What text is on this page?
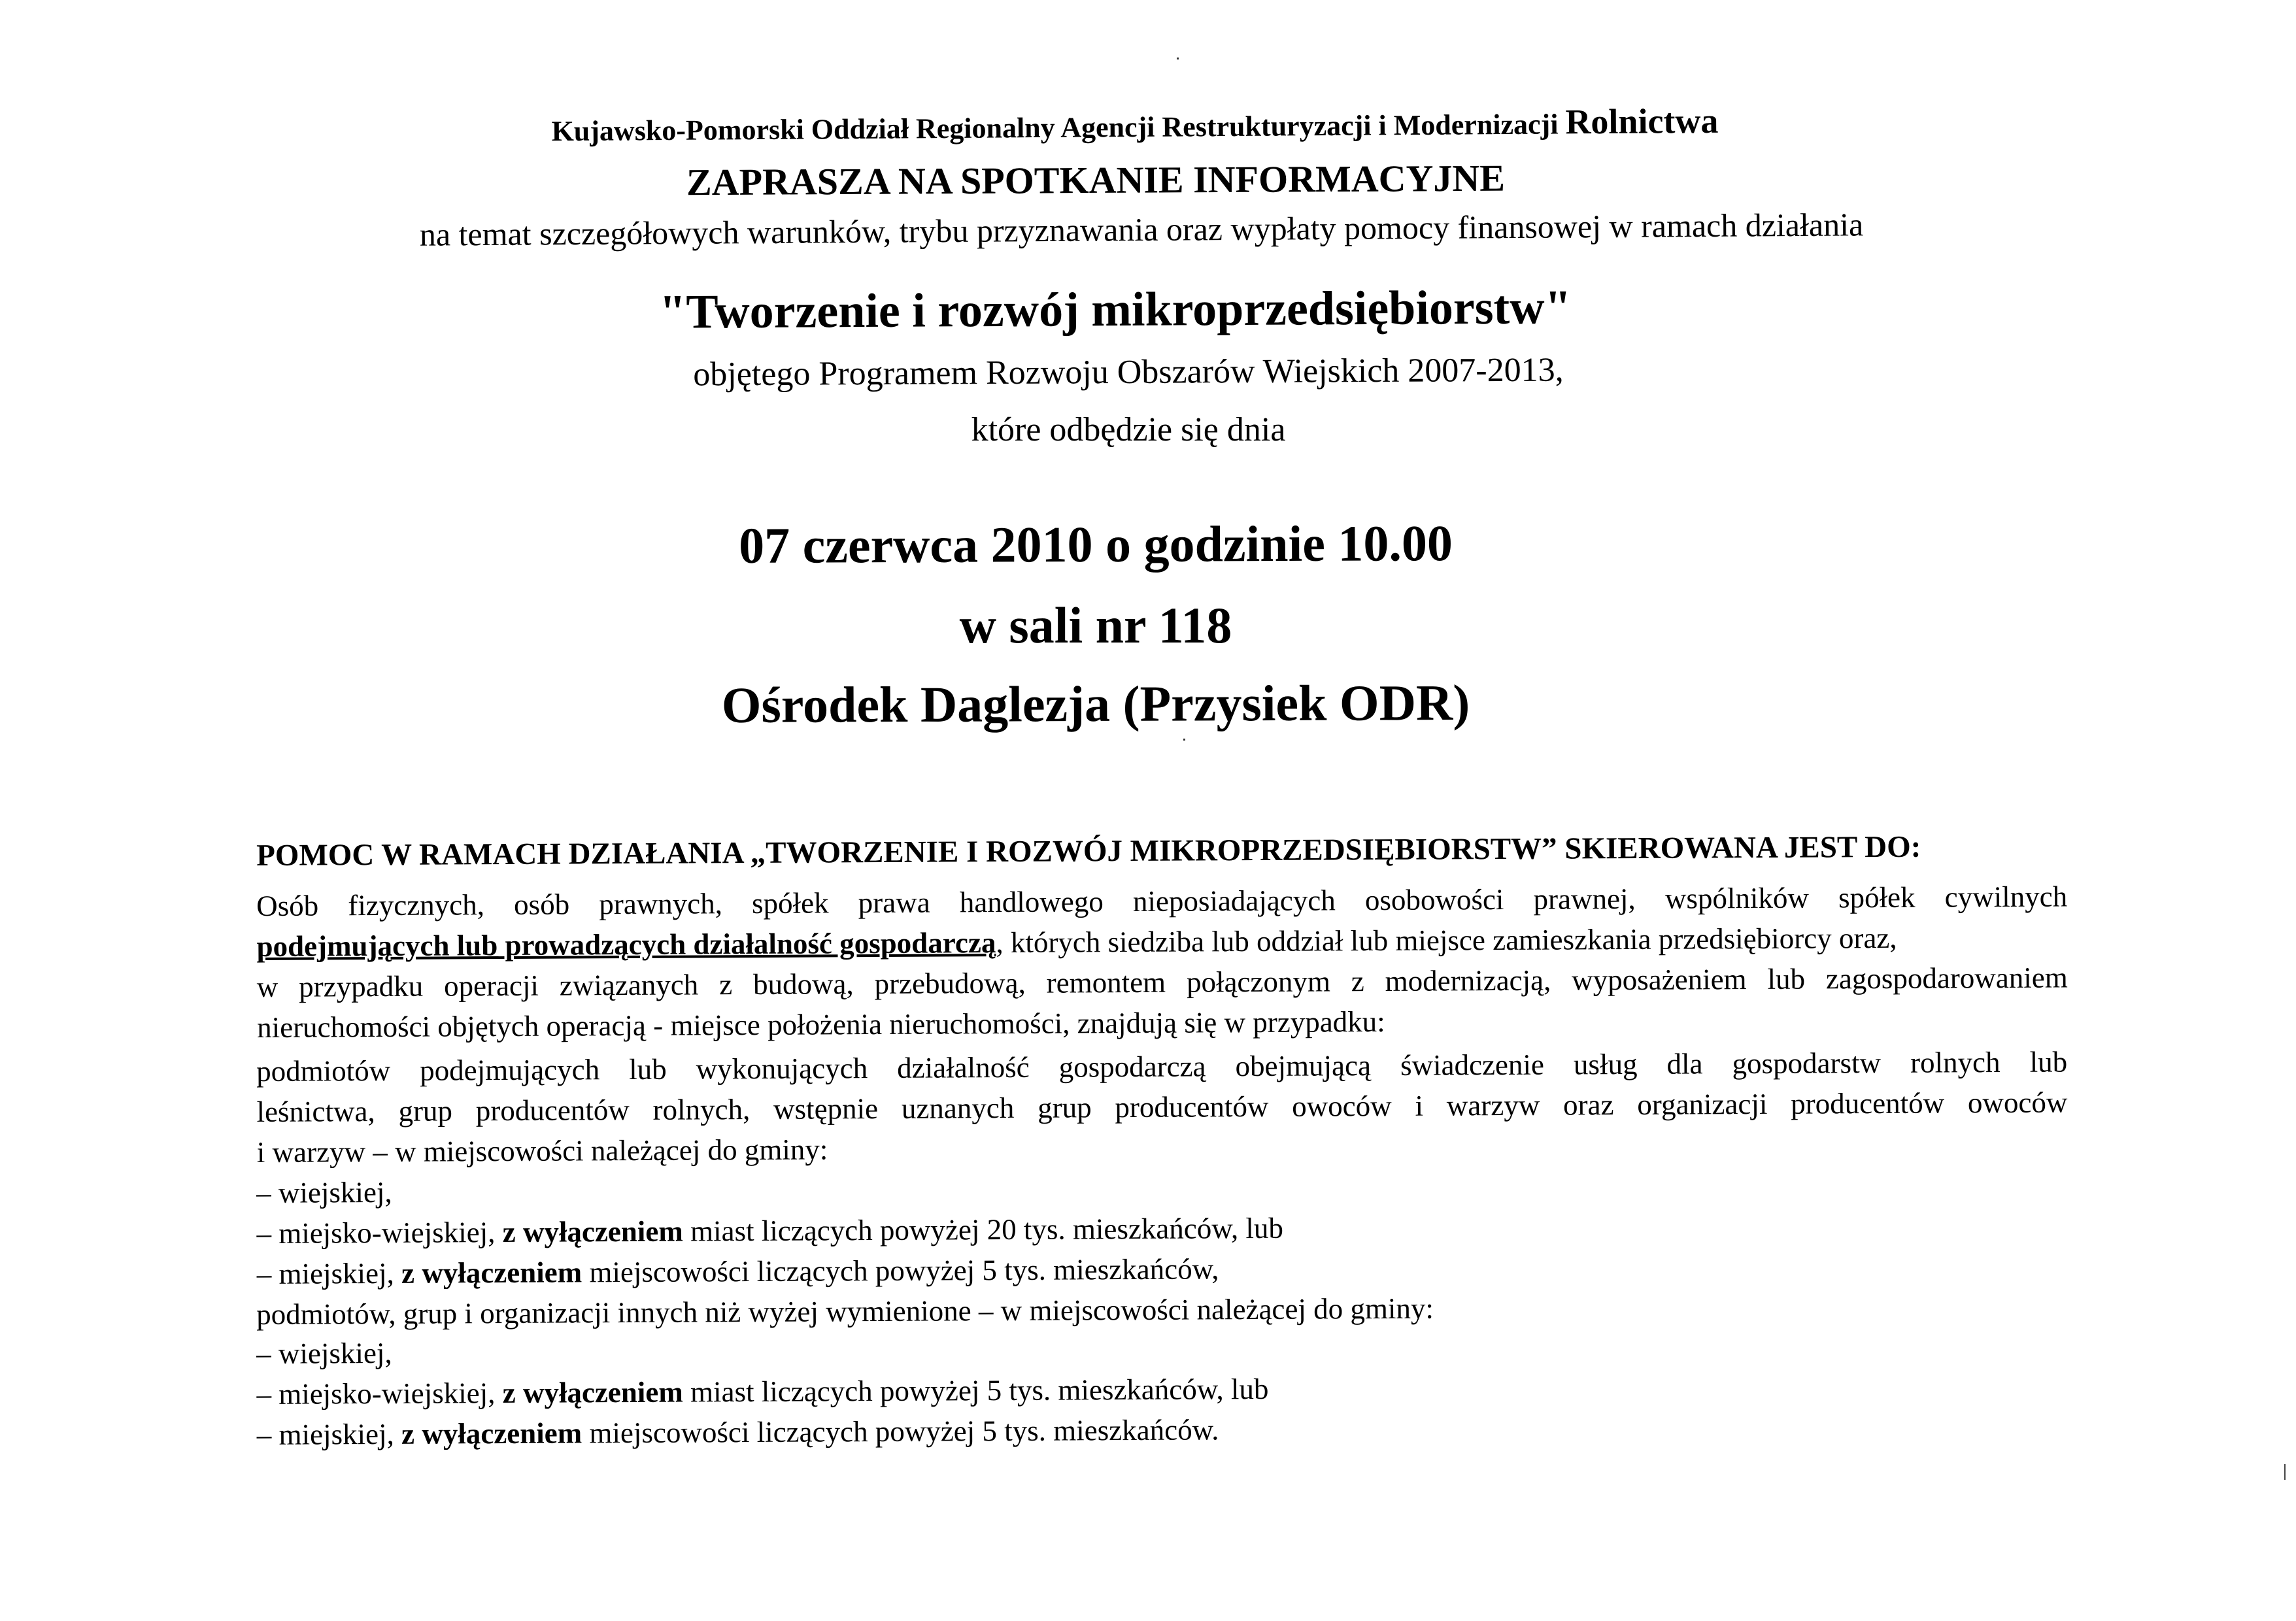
Kujawsko-Pomorski Oddział Regionalny Agencji Restrukturyzacji i Modernizacji Rolnictwa
ZAPRASZA NA SPOTKANIE INFORMACYJNE
na temat szczegółowych warunków, trybu przyznawania oraz wypłaty pomocy finansowej w ramach działania
"Tworzenie i rozwój mikroprzedsiębiorstw"
objętego Programem Rozwoju Obszarów Wiejskich 2007-2013,
które odbędzie się dnia
07 czerwca 2010 o godzinie 10.00
w sali nr 118
Ośrodek Daglezja (Przysiek ODR)
POMOC W RAMACH DZIAŁANIA „TWORZENIE I ROZWÓJ MIKROPRZEDSIĘBIORSTW” SKIEROWANA JEST DO:
Osób fizycznych, osób prawnych, spółek prawa handlowego nieposiadających osobowości prawnej, wspólników spółek cywilnych
podejmujących lub prowadzących działalność gospodarczą, których siedziba lub oddział lub miejsce zamieszkania przedsiębiorcy oraz,
w przypadku operacji związanych z budową, przebudową, remontem połączonym z modernizacją, wyposażeniem lub zagospodarowaniem
nieruchomości objętych operacją - miejsce położenia nieruchomości, znajdują się w przypadku:
podmiotów podejmujących lub wykonujących działalność gospodarczą obejmującą świadczenie usług dla gospodarstw rolnych lub
leśnictwa, grup producentów rolnych, wstępnie uznanych grup producentów owoców i warzyw oraz organizacji producentów owoców
i warzyw – w miejscowości należącej do gminy:
– wiejskiej,
– miejsko-wiejskiej, z wyłączeniem miast liczących powyżej 20 tys. mieszkańców, lub
– miejskiej, z wyłączeniem miejscowości liczących powyżej 5 tys. mieszkańców,
podmiotów, grup i organizacji innych niż wyżej wymienione – w miejscowości należącej do gminy:
– wiejskiej,
– miejsko-wiejskiej, z wyłączeniem miast liczących powyżej 5 tys. mieszkańców, lub
– miejskiej, z wyłączeniem miejscowości liczących powyżej 5 tys. mieszkańców.
